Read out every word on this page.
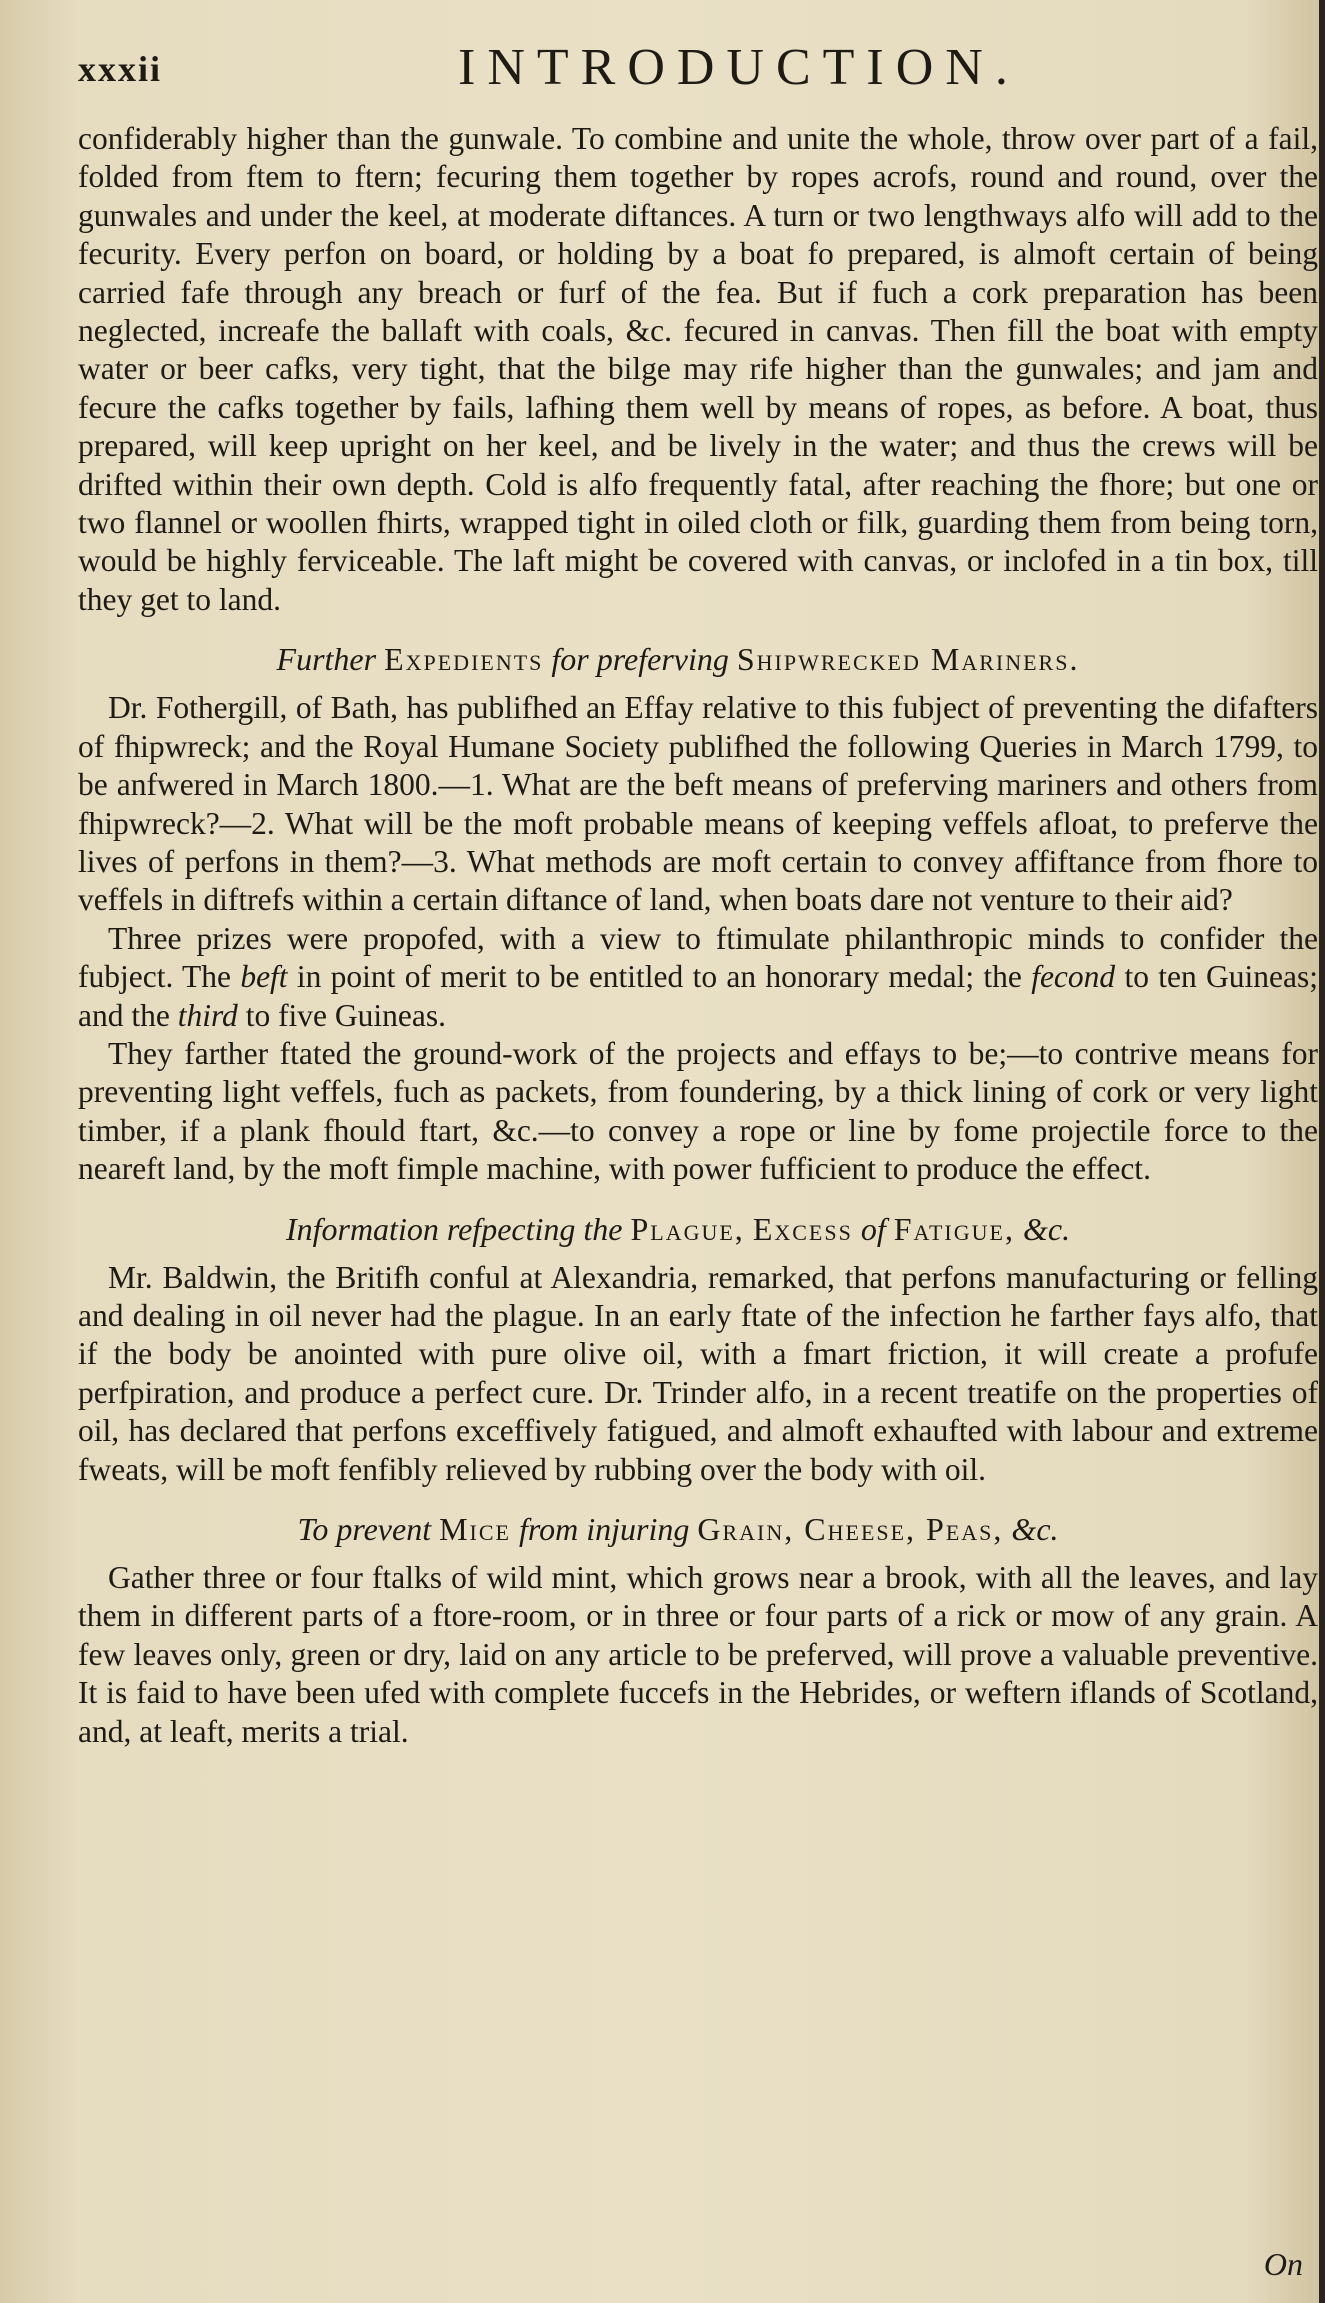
xxxii	INTRODUCTION.

confiderably higher than the gunwale. To combine and unite the whole, throw over part of a fail, folded from ftem to ftern; fecuring them together by ropes acrofs, round and round, over the gunwales and under the keel, at moderate diftances. A turn or two lengthways alfo will add to the fecurity. Every perfon on board, or holding by a boat fo prepared, is almoft certain of being carried fafe through any breach or furf of the fea. But if fuch a cork preparation has been neglected, increafe the ballaft with coals, &c. fecured in canvas. Then fill the boat with empty water or beer cafks, very tight, that the bilge may rife higher than the gunwales; and jam and fecure the cafks together by fails, lafhing them well by means of ropes, as before. A boat, thus prepared, will keep upright on her keel, and be lively in the water; and thus the crews will be drifted within their own depth. Cold is alfo frequently fatal, after reaching the fhore; but one or two flannel or woollen fhirts, wrapped tight in oiled cloth or filk, guarding them from being torn, would be highly ferviceable. The laft might be covered with canvas, or inclofed in a tin box, till they get to land.

Further Expedients for preferving Shipwrecked Mariners.

Dr. Fothergill, of Bath, has publifhed an Effay relative to this fubject of preventing the difafters of fhipwreck; and the Royal Humane Society publifhed the following Queries in March 1799, to be anfwered in March 1800.—1. What are the beft means of preferving mariners and others from fhipwreck?—2. What will be the moft probable means of keeping veffels afloat, to preferve the lives of perfons in them?—3. What methods are moft certain to convey affiftance from fhore to veffels in diftrefs within a certain diftance of land, when boats dare not venture to their aid?

Three prizes were propofed, with a view to ftimulate philanthropic minds to confider the fubject. The beft in point of merit to be entitled to an honorary medal; the fecond to ten Guineas; and the third to five Guineas.

They farther ftated the ground-work of the projects and effays to be;—to contrive means for preventing light veffels, fuch as packets, from foundering, by a thick lining of cork or very light timber, if a plank fhould ftart, &c.—to convey a rope or line by fome projectile force to the neareft land, by the moft fimple machine, with power fufficient to produce the effect.

Information refpecting the Plague, Excess of Fatigue, &c.

Mr. Baldwin, the Britifh conful at Alexandria, remarked, that perfons manufacturing or felling and dealing in oil never had the plague. In an early ftate of the infection he farther fays alfo, that if the body be anointed with pure olive oil, with a fmart friction, it will create a profufe perfpiration, and produce a perfect cure. Dr. Trinder alfo, in a recent treatife on the properties of oil, has declared that perfons exceffively fatigued, and almoft exhaufted with labour and extreme fweats, will be moft fenfibly relieved by rubbing over the body with oil.

To prevent Mice from injuring Grain, Cheese, Peas, &c.

Gather three or four ftalks of wild mint, which grows near a brook, with all the leaves, and lay them in different parts of a ftore-room, or in three or four parts of a rick or mow of any grain. A few leaves only, green or dry, laid on any article to be preferved, will prove a valuable preventive. It is faid to have been ufed with complete fuccefs in the Hebrides, or weftern iflands of Scotland, and, at leaft, merits a trial.

On
